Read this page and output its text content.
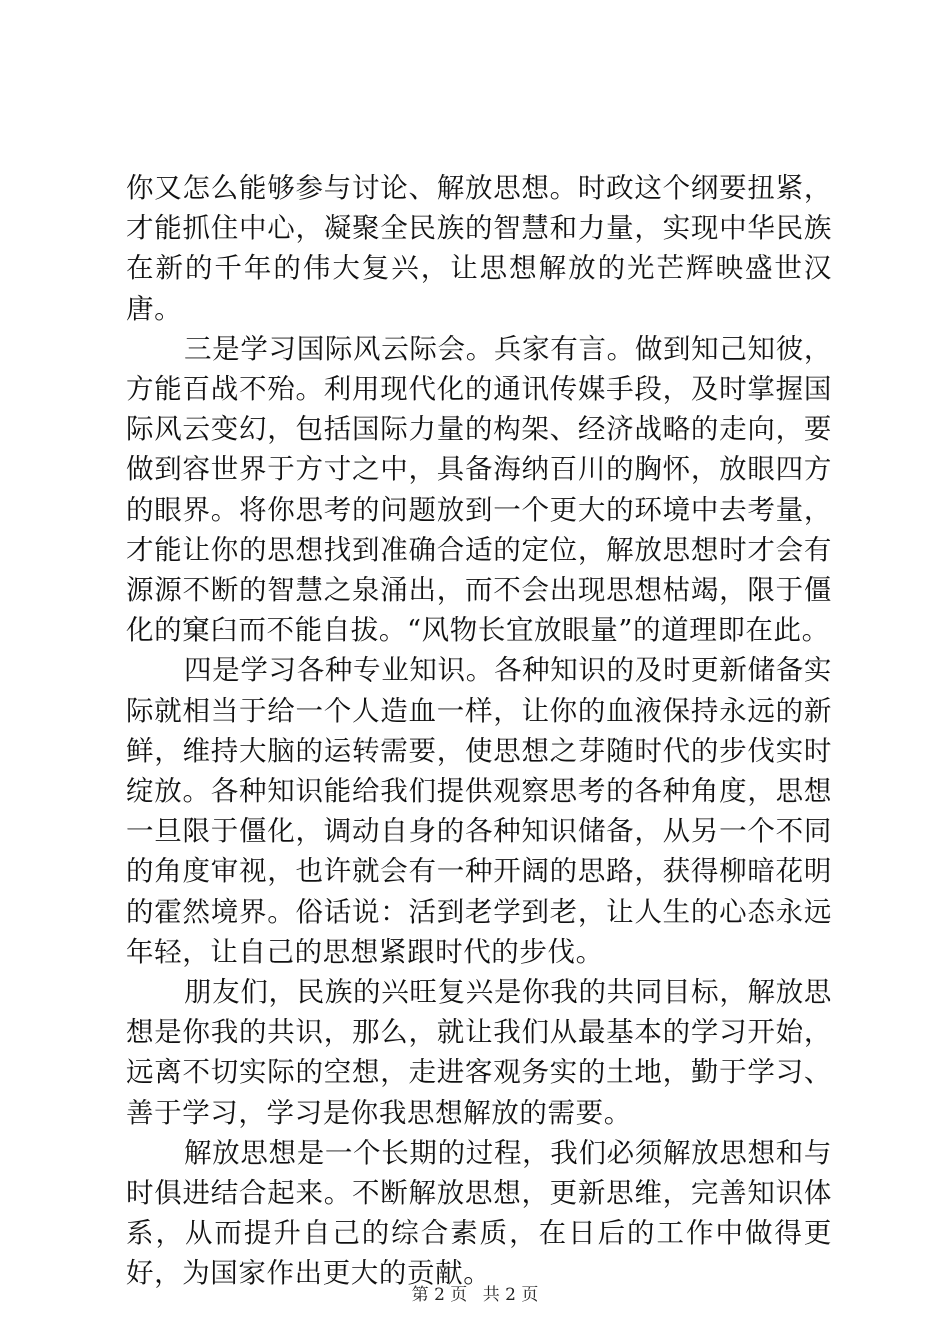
你又怎么能够参与讨论、解放思想。时政这个纲要扭紧，才能抓住中心，凝聚全民族的智慧和力量，实现中华民族在新的千年的伟大复兴，让思想解放的光芒辉映盛世汉唐。

三是学习国际风云际会。兵家有言。做到知己知彼，方能百战不殆。利用现代化的通讯传媒手段，及时掌握国际风云变幻，包括国际力量的构架、经济战略的走向，要做到容世界于方寸之中，具备海纳百川的胸怀，放眼四方的眼界。将你思考的问题放到一个更大的环境中去考量，才能让你的思想找到准确合适的定位，解放思想时才会有源源不断的智慧之泉涌出，而不会出现思想枯竭，限于僵化的窠臼而不能自拔。“风物长宜放眼量”的道理即在此。

四是学习各种专业知识。各种知识的及时更新储备实际就相当于给一个人造血一样，让你的血液保持永远的新鲜，维持大脑的运转需要，使思想之芽随时代的步伐实时绽放。各种知识能给我们提供观察思考的各种角度，思想一旦限于僵化，调动自身的各种知识储备，从另一个不同的角度审视，也许就会有一种开阔的思路，获得柳暗花明的霍然境界。俗话说：活到老学到老，让人生的心态永远年轻，让自己的思想紧跟时代的步伐。

朋友们，民族的兴旺复兴是你我的共同目标，解放思想是你我的共识，那么，就让我们从最基本的学习开始，远离不切实际的空想，走进客观务实的土地，勤于学习、善于学习，学习是你我思想解放的需要。

解放思想是一个长期的过程，我们必须解放思想和与时俱进结合起来。不断解放思想，更新思维，完善知识体系，从而提升自己的综合素质，在日后的工作中做得更好，为国家作出更大的贡献。

第 2 页 共 2 页
